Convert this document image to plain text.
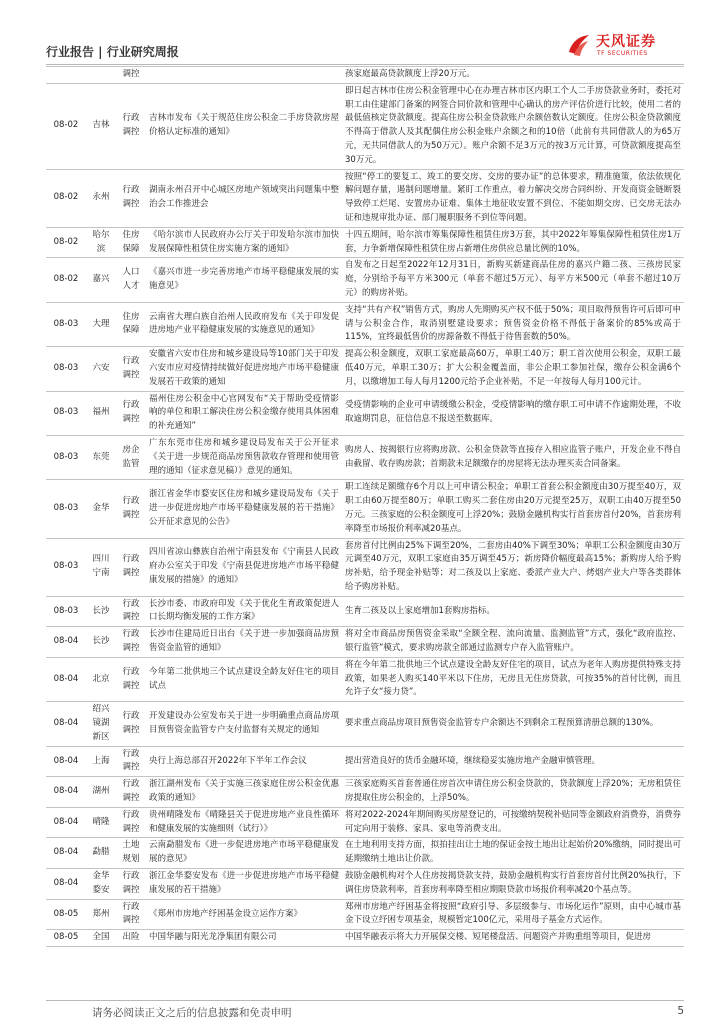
行业报告 | 行业研究周报
天风证券
TF SECURITIES
		调控		孩家庭最高贷款额度上浮20万元。
08-02	吉林	行政调控	吉林市发布《关于规范住房公积金二手房贷款房屋价格认定标准的通知》	即日起吉林市住房公积金管理中心在办理吉林市区内职工个人二手房贷款业务时，委托对职工由住建部门备案的网签合同价款和管理中心确认的房产评估价进行比较，使用二者的最低值核定贷款额度。提高住房公积金贷款账户余额倍数认定额度。住房公积金贷款额度不得高于借款人及其配偶住房公积金账户余额之和的10倍（此前有共同借款人的为65万元，无共同借款人的为50万元）。账户余额不足3万元的按3万元计算，可贷款额度提高至30万元。
08-02	永州	行政调控	湖南永州召开中心城区房地产领域突出问题集中整治会工作推进会	按照“停工的要复工、竣工的要交房、交房的要办证”的总体要求，精准施策，依法依规化解问题存量，遏制问题增量。紧盯工作重点，着力解决交房合同纠纷、开发商资金链断裂导致停工烂尾、安置房办证难、集体土地征收安置不到位、不能如期交房、已交房无法办证和违规审批办证、部门履职服务不到位等问题。
08-02	哈尔滨	住房保障	《哈尔滨市人民政府办公厅关于印发哈尔滨市加快发展保障性租赁住房实施方案的通知》	十四五期间，哈尔滨市筹集保障性租赁住房3万套，其中2022年筹集保障性租赁住房1万套，力争新增保障性租赁住房占新增住房供应总量比例的10%。
08-02	嘉兴	人口人才	《嘉兴市进一步完善房地产市场平稳健康发展的实施意见》	自发布之日起至2022年12月31日，新购买新建商品住房的嘉兴户籍二孩、三孩房民家庭，分别给予每平方米300元（单套不超过5万元）、每平方米500元（单套不超过10万元）的购房补贴。
08-03	大理	住房保障	云南省大理白族自治州人民政府发布《关于印发促进房地产业平稳健康发展的实施意见的通知》	支持“共有产权”销售方式，购房人先期购买产权不低于50%；项目取得预售许可后即可申请与公积金合作，取消别墅建设要求；预售资金价格不得低于备案价的85%或高于115%，宜终最低售价的房源备数不得低于待售套数的50%。
08-03	六安	行政调控	安徽省六安市住房和城乡建设局等10部门关于印发六安市应对疫情持续做好促进房地产市场平稳健康发展若干政策的通知	提高公积金额度，双职工家庭最高60万，单职工40万；职工首次使用公积金，双职工最低40万元，单职工30万；扩大公积金覆盖面，非公企职工参加社保，缴存公积金满6个月，以缴增加工每人每月1200元给予企业补贴，不足一年按每人每月100元计。
08-03	福州	行政调控	福州住房公积金中心官网发布“关于帮助受疫情影响的单位和职工解决住房公积金缴存使用具体困难的补充通知”	受疫情影响的企业可申请缓缴公积金，受疫情影响的缴存职工可申请不作逾期处理，不收取逾期罚息，征信信息不报送至数据库。
08-03	东莞	房企监管	广东东莞市住房和城乡建设局发布关于公开征求《关于进一步规范商品房预售款收存管理和使用管理的通知（征求意见稿）》意见的通知。	购房人、按揭银行应将购房款、公积金贷款等直接存入相应监管子账户，开发企业不得自由截留、收存购房款；首期款未足额缴存的房屋将无法办理买卖合同备案。
08-03	金华	行政调控	浙江省金华市婺安区住房和城乡建设局发布《关于进一步促进房地产市场平稳健康发展的若干措施》公开征求意见的公告》	职工连续足额缴存6个月以上可申请公积金；单职工首套公积金额度由30万提至40万，双职工由60万提至80万；单职工购买二套住房由20万元提至25万，双职工由40万提至50万元。三孩家庭的公积金额度可上浮20%；鼓励金融机构实行首套房首付20%，首套房利率降至市场报价利率减20基点。
08-03	四川宁南	行政调控	四川省凉山彝族自治州宁南县发布《宁南县人民政府办公室关于印发《宁南县促进房地产市场平稳健康发展的措施》的通知》	套房首付比例由25%下调至20%，二套房由40%下调至30%；单职工公积金额度由30万元调至40万元，双职工家庭由35万调至45万；新房降价幅度最高15%；新购房人给予购房补贴，给予现金补贴等；对二孩及以上家庭、委派产业大户、烤烟产业大户等各类群体给予购房补贴。
08-03	长沙	行政调控	长沙市委、市政府印发《关于优化生育政策促进人口长期均衡发展的工作方案》	生育二孩及以上家庭增加1套购房指标。
08-04	长沙	行政调控	长沙市住建局近日出台《关于进一步加强商品房预售资金监管的通知》	将对全市商品房预售资金采取“全额全程、流向流量、监测监管”方式，强化“政府监控、银行监管”模式，要求购房款全部通过监测专户存入监管账户。
08-04	北京	行政调控	今年第二批供地三个试点建设全龄友好住宅的项目试点	将在今年第二批供地三个试点建设全龄友好住宅的项目，试点为老年人购房提供特殊支持政策，如果老人购买140平米以下住房，无房且无住房贷款，可按35%的首付比例，而且允许子女“接力贷”。
08-04	绍兴镜湖新区	行政调控	开发建设办公室发布关于进一步明确重点商品房项目预售资金监管专户支付监督有关规定的通知	要求重点商品房项目预售资金监管专户余额达不到剩余工程预算清册总额的130%。
08-04	上海	行政调控	央行上海总部召开2022年下半年工作会议	提出营造良好的货币金融环境，继续稳妥实施房地产金融审慎管理。
08-04	湖州	行政调控	浙江湖州发布《关于实施三孩家庭住房公积金优惠政策的通知》	三孩家庭购买首套普通住房首次申请住房公积金贷款的，贷款额度上浮20%；无房租赁住房提取住房公积金的，上浮50%。
08-04	晴隆	行政调控	贵州晴隆发布《晴隆县关于促进房地产业良性循环和健康发展的实施细则（试行）》	将对2022-2024年期间购买房屋登记的，可按缴纳契税补贴同等金额政府消费券，消费券可定向用于装修、家具、家电等消费支出。
08-04	勐腊	土地规划	云南勐腊发布《进一步促进房地产市场平稳健康发展的意见》	在土地利用支持方面，拟拍挂出让土地的保证金按土地出让起始价20%缴纳，同时提出可延期缴纳土地出让价款。
08-04	金华婺安	行政调控	浙江金华婺安发布《进一步促进房地产市场平稳健康发展的若干措施》	鼓励金融机构对个人住房按揭贷款支持，鼓励金融机构实行首套房首付比例20%执行，下调住房贷款利率，首套房利率降至相应期限贷款市场报价利率减20个基点等。
08-05	郑州	行政调控	《郑州市房地产纾困基金设立运作方案》	郑州市房地产纾困基金将按照“政府引导、多层级参与、市场化运作”原则，由中心城市基金下设立纾困专项基金，规模暂定100亿元，采用母子基金方式运作。
08-05	全国	出险	中国华融与阳光龙净集团有限公司	中国华融表示将大力开展保交楼、短尾楼盘活、问题资产并购重组等项目，促进房
请务必阅读正文之后的信息披露和免责申明	5
